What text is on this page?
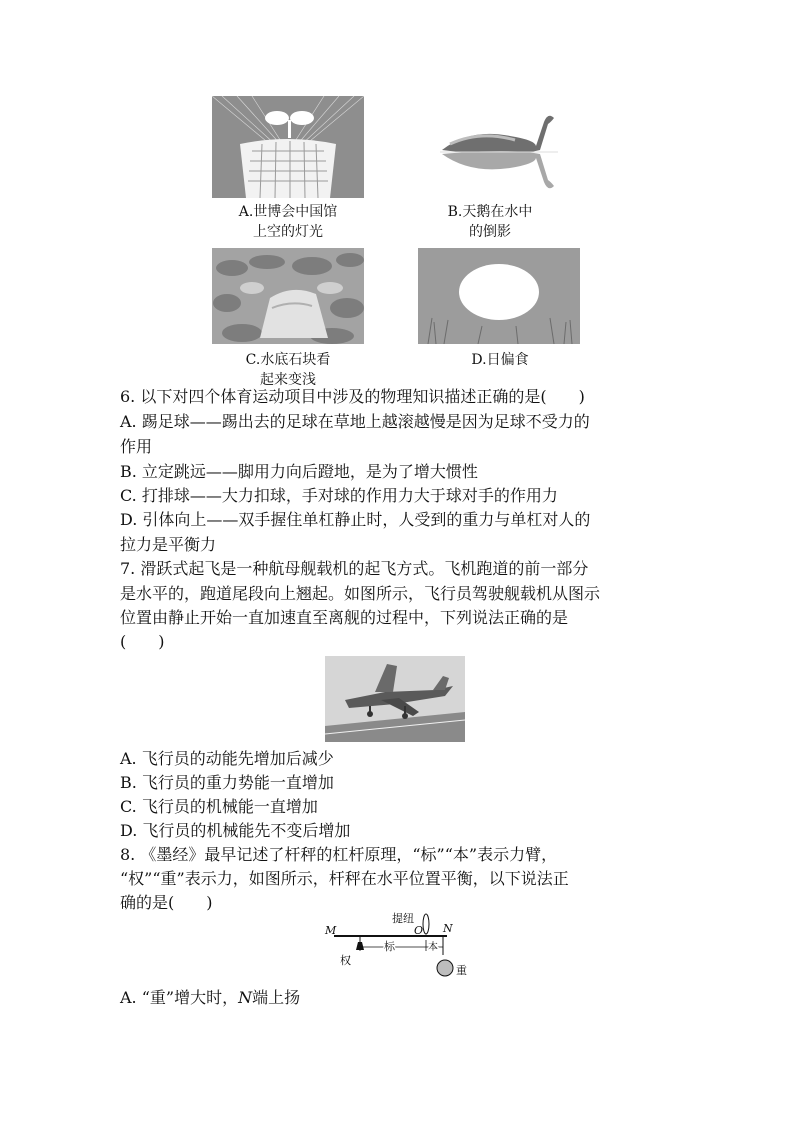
A.世博会中国馆
上空的灯光
B.天鹅在水中
的倒影
C.水底石块看
起来变浅
D.日偏食
6. 以下对四个体育运动项目中涉及的物理知识描述正确的是(　　)
A. 踢足球——踢出去的足球在草地上越滚越慢是因为足球不受力的
作用
B. 立定跳远——脚用力向后蹬地，是为了增大惯性
C. 打排球——大力扣球，手对球的作用力大于球对手的作用力
D. 引体向上——双手握住单杠静止时，人受到的重力与单杠对人的
拉力是平衡力
7. 滑跃式起飞是一种航母舰载机的起飞方式。飞机跑道的前一部分
是水平的，跑道尾段向上翘起。如图所示，飞行员驾驶舰载机从图示
位置由静止开始一直加速直至离舰的过程中，下列说法正确的是
(　　)
A. 飞行员的动能先增加后减少
B. 飞行员的重力势能一直增加
C. 飞行员的机械能一直增加
D. 飞行员的机械能先不变后增加
8. 《墨经》最早记述了杆秤的杠杆原理，“标”“本”表示力臂，
“权”“重”表示力，如图所示，杆秤在水平位置平衡，以下说法正
确的是(　　)
M
提纽
O N
标	本
权
重
A. “重”增大时，N端上扬
